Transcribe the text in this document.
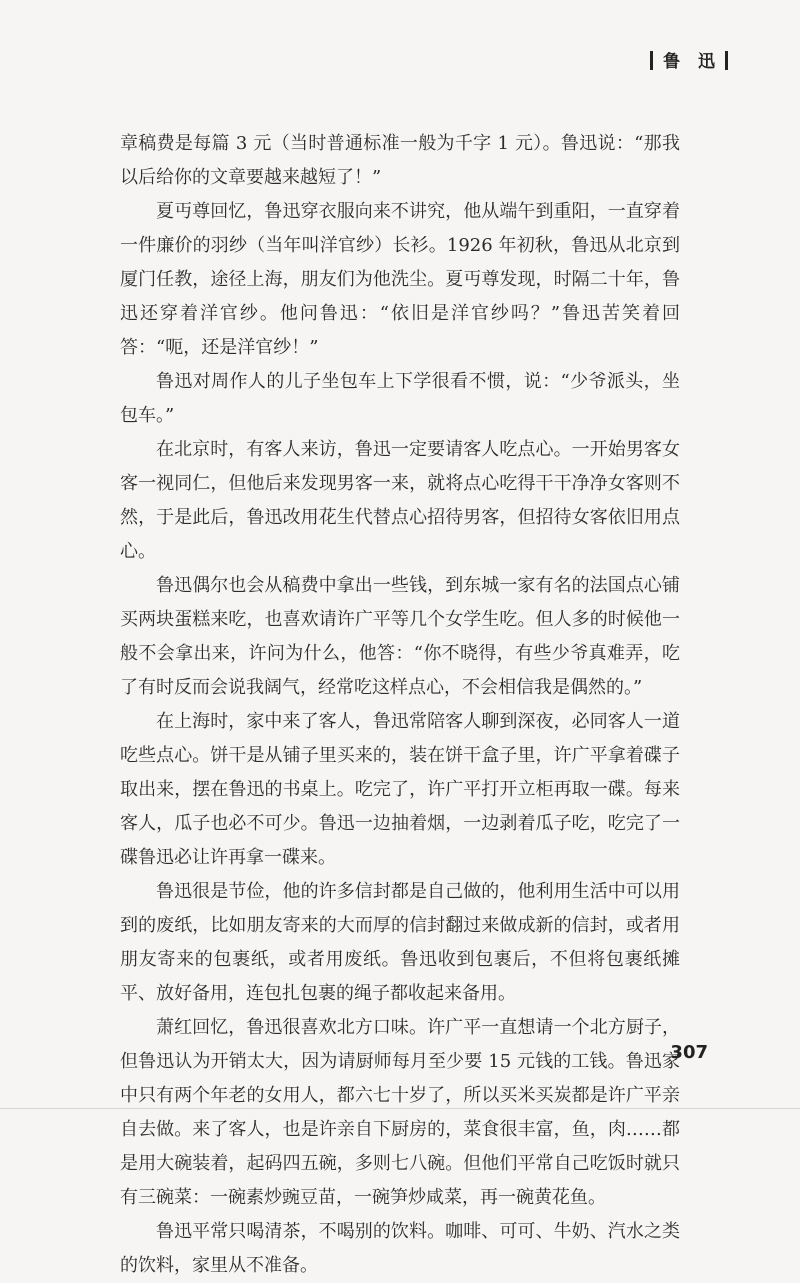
鲁 迅

章稿费是每篇 3 元（当时普通标准一般为千字 1 元）。鲁迅说：“那我以后给你的文章要越来越短了！”

夏丏尊回忆，鲁迅穿衣服向来不讲究，他从端午到重阳，一直穿着一件廉价的羽纱（当年叫洋官纱）长衫。1926 年初秋，鲁迅从北京到厦门任教，途径上海，朋友们为他洗尘。夏丏尊发现，时隔二十年，鲁迅还穿着洋官纱。他问鲁迅：“依旧是洋官纱吗？”鲁迅苦笑着回答：“呃，还是洋官纱！”

鲁迅对周作人的儿子坐包车上下学很看不惯，说：“少爷派头，坐包车。”

在北京时，有客人来访，鲁迅一定要请客人吃点心。一开始男客女客一视同仁，但他后来发现男客一来，就将点心吃得干干净净女客则不然，于是此后，鲁迅改用花生代替点心招待男客，但招待女客依旧用点心。

鲁迅偶尔也会从稿费中拿出一些钱，到东城一家有名的法国点心铺买两块蛋糕来吃，也喜欢请许广平等几个女学生吃。但人多的时候他一般不会拿出来，许问为什么，他答：“你不晓得，有些少爷真难弄，吃了有时反而会说我阔气，经常吃这样点心，不会相信我是偶然的。”

在上海时，家中来了客人，鲁迅常陪客人聊到深夜，必同客人一道吃些点心。饼干是从铺子里买来的，装在饼干盒子里，许广平拿着碟子取出来，摆在鲁迅的书桌上。吃完了，许广平打开立柜再取一碟。每来客人，瓜子也必不可少。鲁迅一边抽着烟，一边剥着瓜子吃，吃完了一碟鲁迅必让许再拿一碟来。

鲁迅很是节俭，他的许多信封都是自己做的，他利用生活中可以用到的废纸，比如朋友寄来的大而厚的信封翻过来做成新的信封，或者用朋友寄来的包裹纸，或者用废纸。鲁迅收到包裹后，不但将包裹纸摊平、放好备用，连包扎包裹的绳子都收起来备用。

萧红回忆，鲁迅很喜欢北方口味。许广平一直想请一个北方厨子，但鲁迅认为开销太大，因为请厨师每月至少要 15 元钱的工钱。鲁迅家中只有两个年老的女用人，都六七十岁了，所以买米买炭都是许广平亲自去做。来了客人，也是许亲自下厨房的，菜食很丰富，鱼，肉……都是用大碗装着，起码四五碗，多则七八碗。但他们平常自己吃饭时就只有三碗菜：一碗素炒豌豆苗，一碗笋炒咸菜，再一碗黄花鱼。

鲁迅平常只喝清茶，不喝别的饮料。咖啡、可可、牛奶、汽水之类的饮料，家里从不准备。

307
